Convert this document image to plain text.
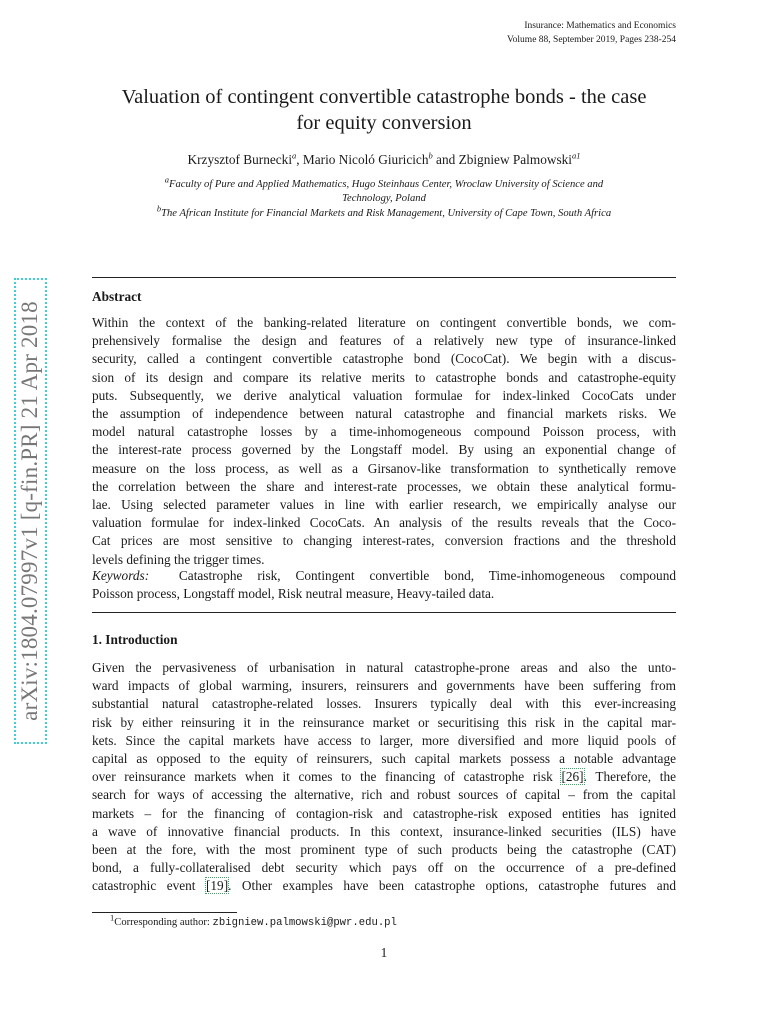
Insurance: Mathematics and Economics
Volume 88, September 2019, Pages 238-254
Valuation of contingent convertible catastrophe bonds - the case
for equity conversion
Krzysztof Burnecki$^a$, Mario Nicoló Giuricich$^b$ and Zbigniew Palmowski$^{a1}$
$^a$Faculty of Pure and Applied Mathematics, Hugo Steinhaus Center, Wroclaw University of Science and
Technology, Poland
$^b$The African Institute for Financial Markets and Risk Management, University of Cape Town, South Africa
Abstract
Within the context of the banking-related literature on contingent convertible bonds, we com-
prehensively formalise the design and features of a relatively new type of insurance-linked
security, called a contingent convertible catastrophe bond (CocoCat). We begin with a discus-
sion of its design and compare its relative merits to catastrophe bonds and catastrophe-equity
puts. Subsequently, we derive analytical valuation formulae for index-linked CocoCats under
the assumption of independence between natural catastrophe and financial markets risks. We
model natural catastrophe losses by a time-inhomogeneous compound Poisson process, with
the interest-rate process governed by the Longstaff model. By using an exponential change of
measure on the loss process, as well as a Girsanov-like transformation to synthetically remove
the correlation between the share and interest-rate processes, we obtain these analytical formu-
lae. Using selected parameter values in line with earlier research, we empirically analyse our
valuation formulae for index-linked CocoCats. An analysis of the results reveals that the Coco-
Cat prices are most sensitive to changing interest-rates, conversion fractions and the threshold
levels defining the trigger times.
Keywords: Catastrophe risk, Contingent convertible bond, Time-inhomogeneous compound
Poisson process, Longstaff model, Risk neutral measure, Heavy-tailed data.
1. Introduction
Given the pervasiveness of urbanisation in natural catastrophe-prone areas and also the unto-
ward impacts of global warming, insurers, reinsurers and governments have been suffering from
substantial natural catastrophe-related losses. Insurers typically deal with this ever-increasing
risk by either reinsuring it in the reinsurance market or securitising this risk in the capital mar-
kets. Since the capital markets have access to larger, more diversified and more liquid pools of
capital as opposed to the equity of reinsurers, such capital markets possess a notable advantage
over reinsurance markets when it comes to the financing of catastrophe risk [26]. Therefore, the
search for ways of accessing the alternative, rich and robust sources of capital – from the capital
markets – for the financing of contagion-risk and catastrophe-risk exposed entities has ignited
a wave of innovative financial products. In this context, insurance-linked securities (ILS) have
been at the fore, with the most prominent type of such products being the catastrophe (CAT)
bond, a fully-collateralised debt security which pays off on the occurrence of a pre-defined
catastrophic event [19]. Other examples have been catastrophe options, catastrophe futures and
$^1$Corresponding author: zbigniew.palmowski@pwr.edu.pl
1
arXiv:1804.07997v1 [q-fin.PR] 21 Apr 2018
